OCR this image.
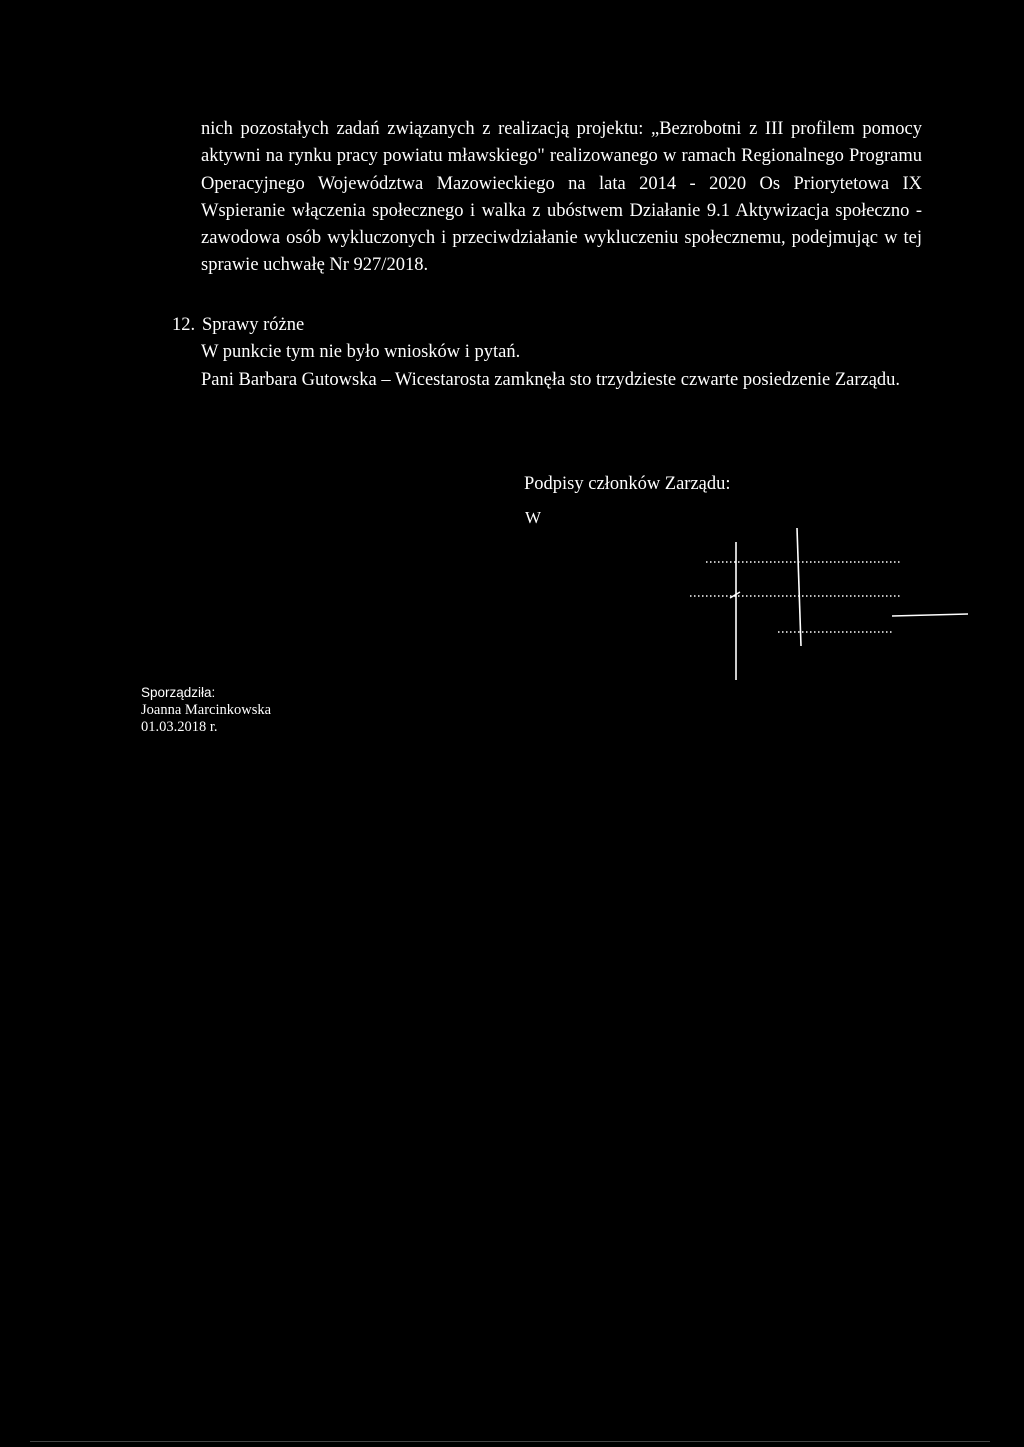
nich pozostałych zadań związanych z realizacją projektu: „Bezrobotni z III profilem pomocy aktywni na rynku pracy powiatu mławskiego" realizowanego w ramach Regionalnego Programu Operacyjnego Województwa Mazowieckiego na lata 2014 - 2020 Os Priorytetowa IX Wspieranie włączenia społecznego i walka z ubóstwem Działanie 9.1 Aktywizacja społeczno - zawodowa osób wykluczonych i przeciwdziałanie wykluczeniu społecznemu, podejmując w tej sprawie uchwałę Nr 927/2018.

12. Sprawy różne

W punkcie tym nie było wniosków i pytań.

Pani Barbara Gutowska – Wicestarosta zamknęła sto trzydzieste czwarte posiedzenie Zarządu.

Podpisy członków Zarządu:

W
Sporządziła:
Joanna Marcinkowska
01.03.2018 r.
